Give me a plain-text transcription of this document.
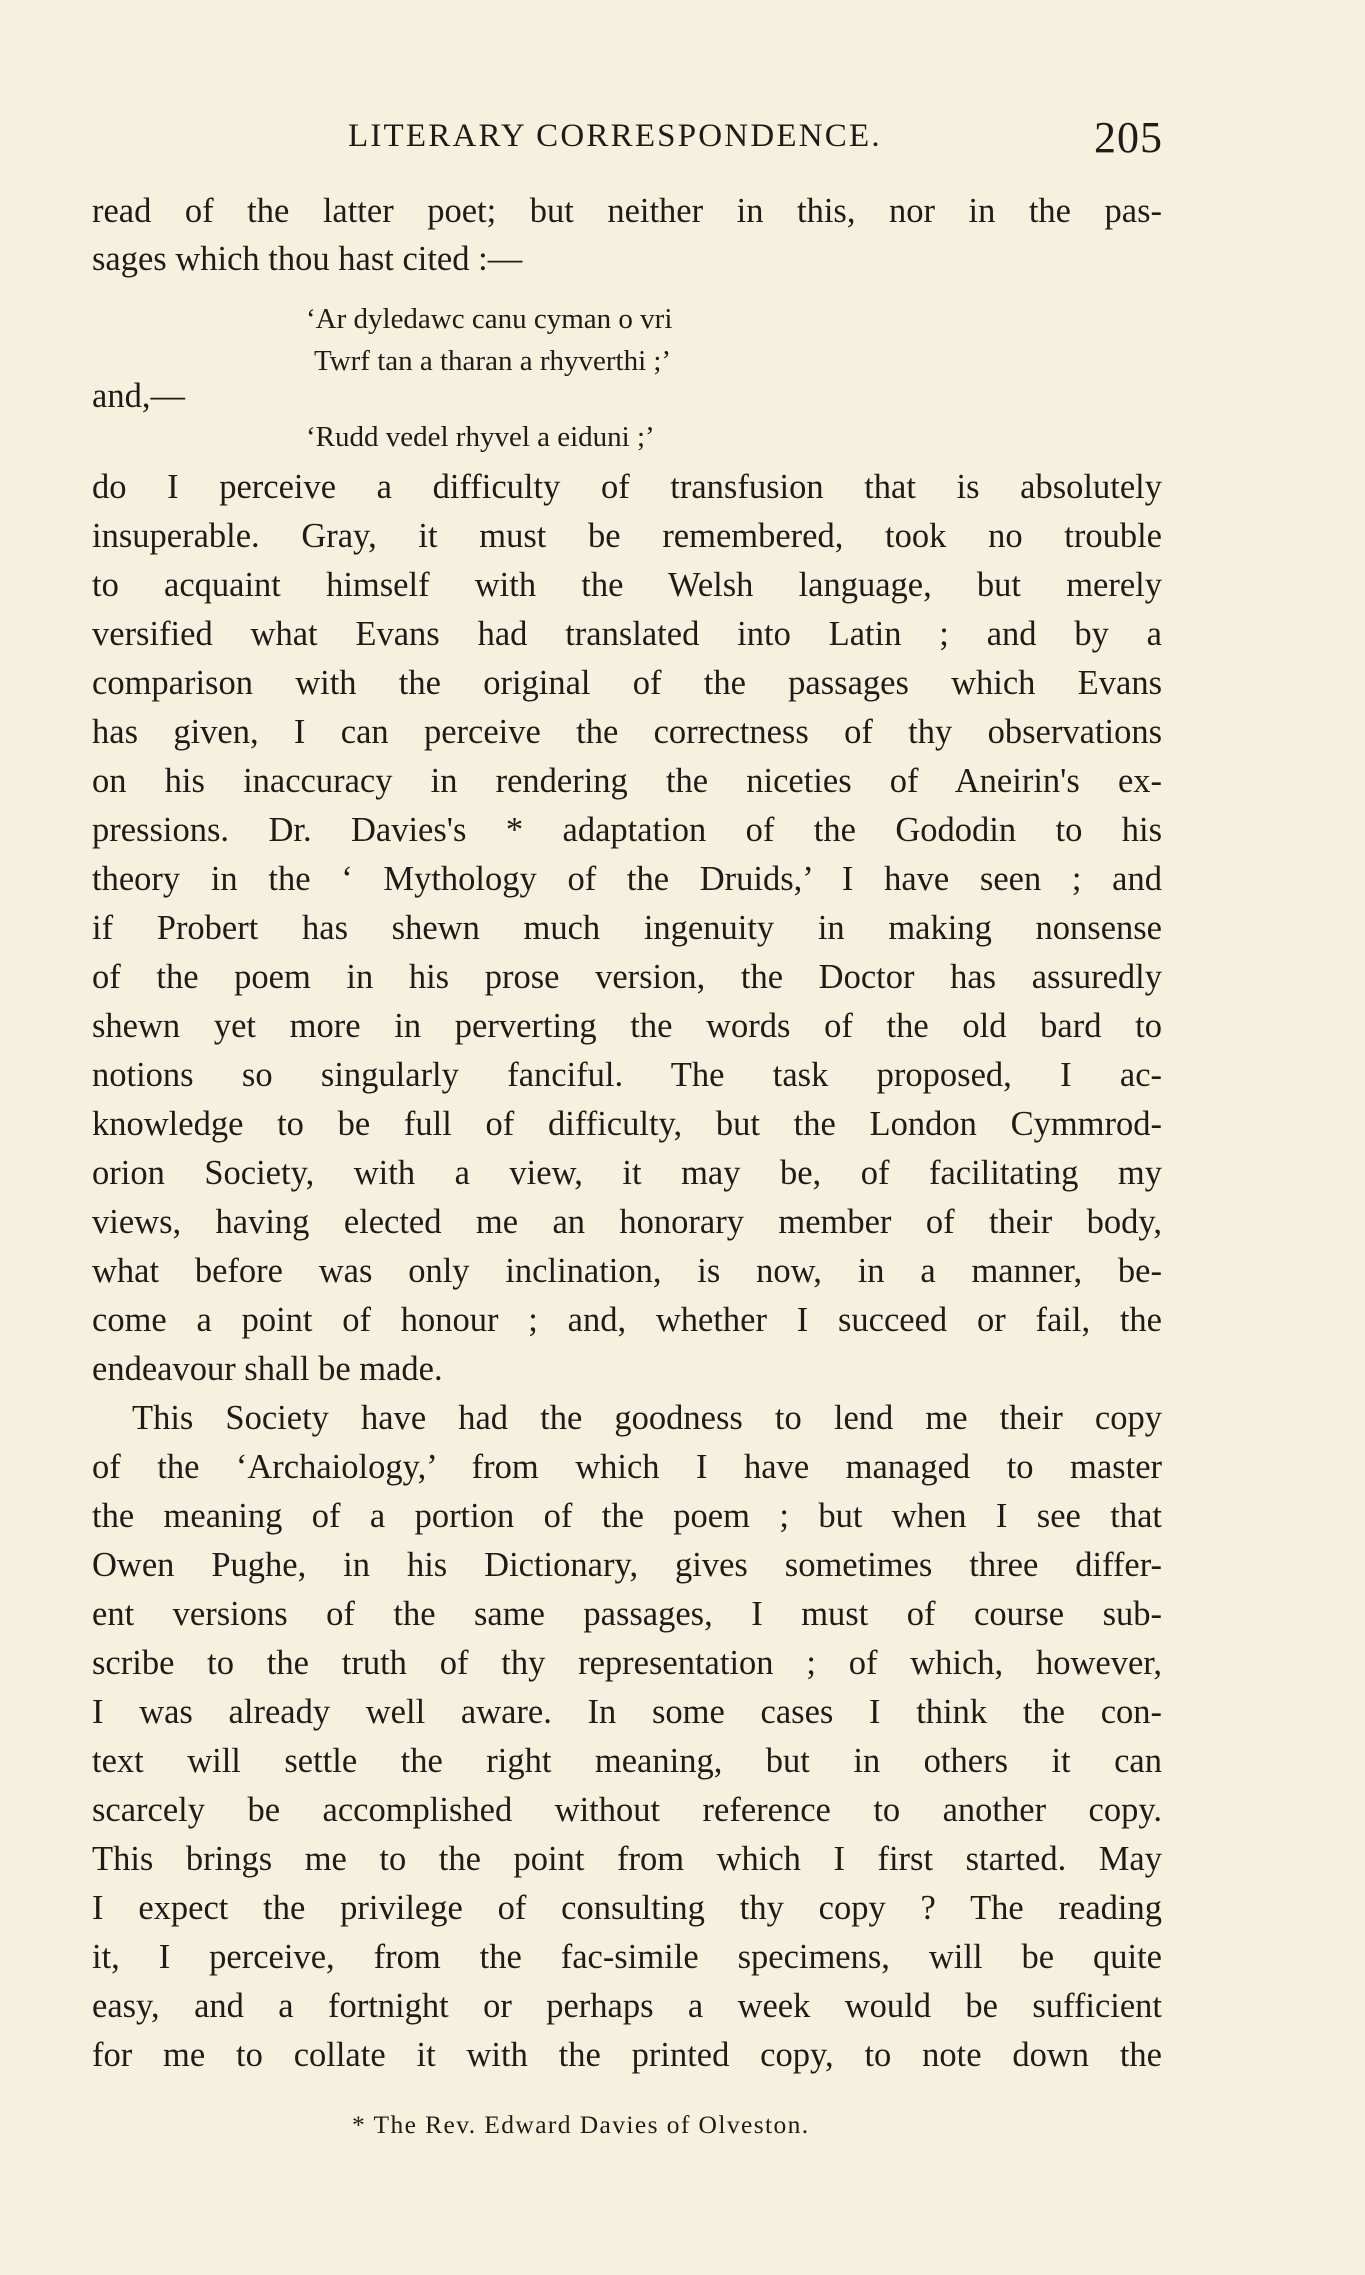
LITERARY CORRESPONDENCE.	205
read of the latter poet; but neither in this, nor in the pas-
sages which thou hast cited :—
‘Ar dyledawc canu cyman o vri
Twrf tan a tharan a rhyverthi ;’
and,—
‘Rudd vedel rhyvel a eiduni ;’
do I perceive a difficulty of transfusion that is absolutely
insuperable. Gray, it must be remembered, took no trouble
to acquaint himself with the Welsh language, but merely
versified what Evans had translated into Latin ; and by a
comparison with the original of the passages which Evans
has given, I can perceive the correctness of thy observations
on his inaccuracy in rendering the niceties of Aneirin's ex-
pressions. Dr. Davies's * adaptation of the Gododin to his
theory in the ‘ Mythology of the Druids,’ I have seen ; and
if Probert has shewn much ingenuity in making nonsense
of the poem in his prose version, the Doctor has assuredly
shewn yet more in perverting the words of the old bard to
notions so singularly fanciful. The task proposed, I ac-
knowledge to be full of difficulty, but the London Cymmrod-
orion Society, with a view, it may be, of facilitating my
views, having elected me an honorary member of their body,
what before was only inclination, is now, in a manner, be-
come a point of honour ; and, whether I succeed or fail, the
endeavour shall be made.
This Society have had the goodness to lend me their copy
of the ‘Archaiology,’ from which I have managed to master
the meaning of a portion of the poem ; but when I see that
Owen Pughe, in his Dictionary, gives sometimes three differ-
ent versions of the same passages, I must of course sub-
scribe to the truth of thy representation ; of which, however,
I was already well aware. In some cases I think the con-
text will settle the right meaning, but in others it can
scarcely be accomplished without reference to another copy.
This brings me to the point from which I first started. May
I expect the privilege of consulting thy copy ? The reading
it, I perceive, from the fac-simile specimens, will be quite
easy, and a fortnight or perhaps a week would be sufficient
for me to collate it with the printed copy, to note down the
* The Rev. Edward Davies of Olveston.
